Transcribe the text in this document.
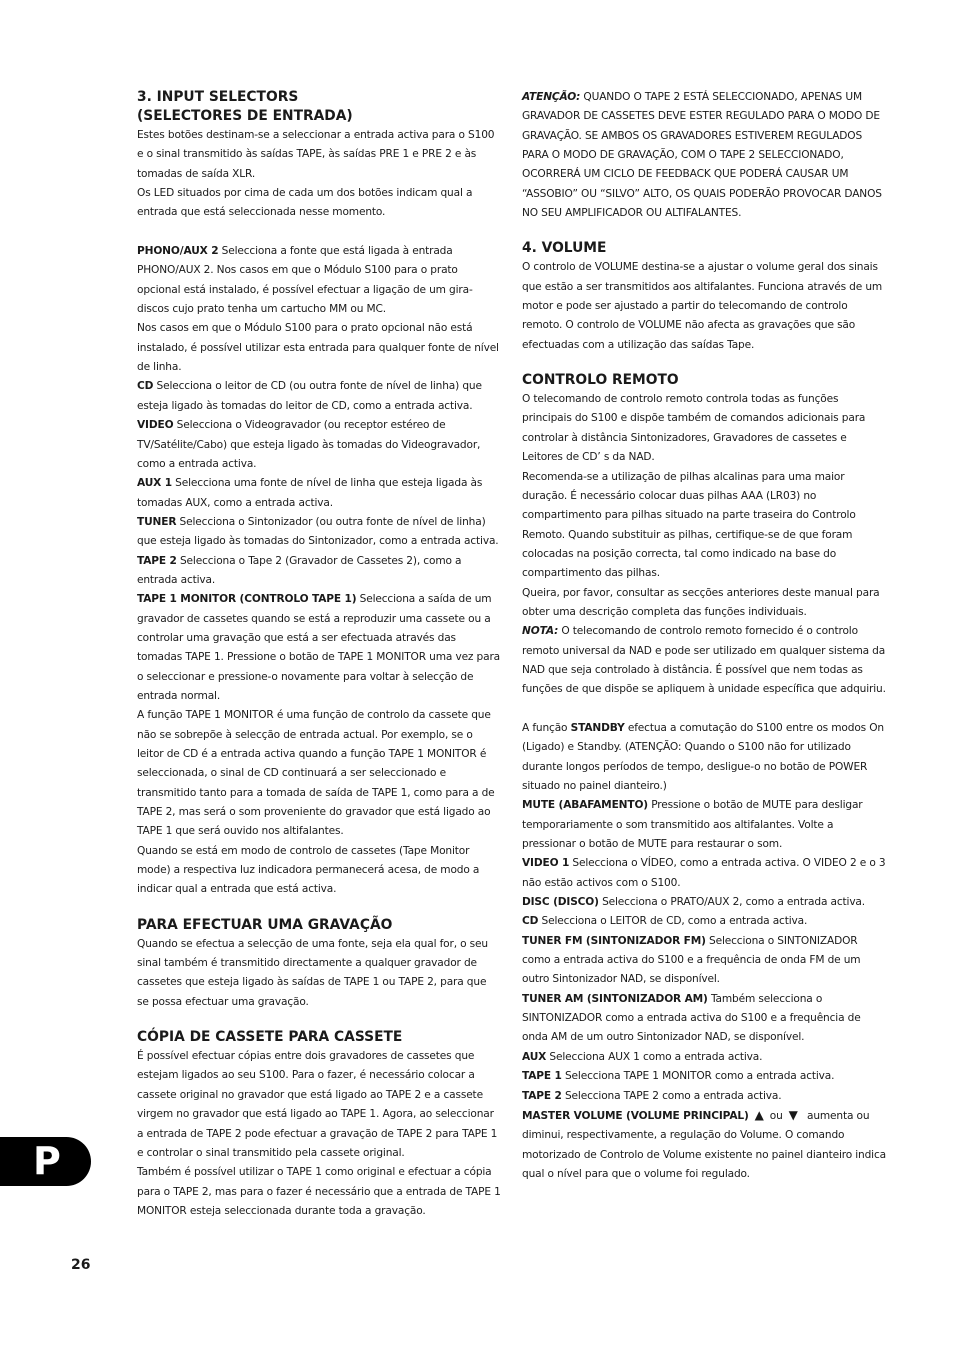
3. INPUT SELECTORS
(SELECTORES DE ENTRADA)

Estes botões destinam-se a seleccionar a entrada activa para o S100 e o sinal transmitido às saídas TAPE, às saídas PRE 1 e PRE 2 e às tomadas de saída XLR.

Os LED situados por cima de cada um dos botões indicam qual a entrada que está seleccionada nesse momento.

PHONO/AUX 2 Selecciona a fonte que está ligada à entrada PHONO/AUX 2. Nos casos em que o Módulo S100 para o prato opcional está instalado, é possível efectuar a ligação de um gira-discos cujo prato tenha um cartucho MM ou MC.

Nos casos em que o Módulo S100 para o prato opcional não está instalado, é possível utilizar esta entrada para qualquer fonte de nível de linha.

CD Selecciona o leitor de CD (ou outra fonte de nível de linha) que esteja ligado às tomadas do leitor de CD, como a entrada activa.

VIDEO Selecciona o Videogravador (ou receptor estéreo de TV/Satélite/Cabo) que esteja ligado às tomadas do Videogravador, como a entrada activa.

AUX 1 Selecciona uma fonte de nível de linha que esteja ligada às tomadas AUX, como a entrada activa.

TUNER Selecciona o Sintonizador (ou outra fonte de nível de linha) que esteja ligado às tomadas do Sintonizador, como a entrada activa.

TAPE 2 Selecciona o Tape 2 (Gravador de Cassetes 2), como a entrada activa.

TAPE 1 MONITOR (CONTROLO TAPE 1) Selecciona a saída de um gravador de cassetes quando se está a reproduzir uma cassete ou a controlar uma gravação que está a ser efectuada através das tomadas TAPE 1. Pressione o botão de TAPE 1 MONITOR uma vez para o seleccionar e pressione-o novamente para voltar à selecção de entrada normal.

A função TAPE 1 MONITOR é uma função de controlo da cassete que não se sobrepõe à selecção de entrada actual. Por exemplo, se o leitor de CD é a entrada activa quando a função TAPE 1 MONITOR é seleccionada, o sinal de CD continuará a ser seleccionado e transmitido tanto para a tomada de saída de TAPE 1, como para a de TAPE 2, mas será o som proveniente do gravador que está ligado ao TAPE 1 que será ouvido nos altifalantes.

Quando se está em modo de controlo de cassetes (Tape Monitor mode) a respectiva luz indicadora permanecerá acesa, de modo a indicar qual a entrada que está activa.

PARA EFECTUAR UMA GRAVAÇÃO

Quando se efectua a selecção de uma fonte, seja ela qual for, o seu sinal também é transmitido directamente a qualquer gravador de cassetes que esteja ligado às saídas de TAPE 1 ou TAPE 2, para que se possa efectuar uma gravação.

CÓPIA DE CASSETE PARA CASSETE

É possível efectuar cópias entre dois gravadores de cassetes que estejam ligados ao seu S100. Para o fazer, é necessário colocar a cassete original no gravador que está ligado ao TAPE 2 e a cassete virgem no gravador que está ligado ao TAPE 1. Agora, ao seleccionar a entrada de TAPE 2 pode efectuar a gravação de TAPE 2 para TAPE 1 e controlar o sinal transmitido pela cassete original.

Também é possível utilizar o TAPE 1 como original e efectuar a cópia para o TAPE 2, mas para o fazer é necessário que a entrada de TAPE 1 MONITOR esteja seleccionada durante toda a gravação.

ATENÇÃO: QUANDO O TAPE 2 ESTÁ SELECCIONADO, APENAS UM GRAVADOR DE CASSETES DEVE ESTER REGULADO PARA O MODO DE GRAVAÇÃO. SE AMBOS OS GRAVADORES ESTIVEREM REGULADOS PARA O MODO DE GRAVAÇÃO, COM O TAPE 2 SELECCIONADO, OCORRERÁ UM CICLO DE FEEDBACK QUE PODERÁ CAUSAR UM “ASSOBIO” OU “SILVO” ALTO, OS QUAIS PODERÃO PROVOCAR DANOS NO SEU AMPLIFICADOR OU ALTIFALANTES.

4. VOLUME

O controlo de VOLUME destina-se a ajustar o volume geral dos sinais que estão a ser transmitidos aos altifalantes. Funciona através de um motor e pode ser ajustado a partir do telecomando de controlo remoto. O controlo de VOLUME não afecta as gravações que são efectuadas com a utilização das saídas Tape.

CONTROLO REMOTO

O telecomando de controlo remoto controla todas as funções principais do S100 e dispõe também de comandos adicionais para controlar à distância Sintonizadores, Gravadores de cassetes e Leitores de CD’ s da NAD.

Recomenda-se a utilização de pilhas alcalinas para uma maior duração. É necessário colocar duas pilhas AAA (LR03) no compartimento para pilhas situado na parte traseira do Controlo Remoto. Quando substituir as pilhas, certifique-se de que foram colocadas na posição correcta, tal como indicado na base do compartimento das pilhas.

Queira, por favor, consultar as secções anteriores deste manual para obter uma descrição completa das funções individuais.

NOTA: O telecomando de controlo remoto fornecido é o controlo remoto universal da NAD e pode ser utilizado em qualquer sistema da NAD que seja controlado à distância. É possível que nem todas as funções de que dispõe se apliquem à unidade específica que adquiriu.

A função STANDBY efectua a comutação do S100 entre os modos On (Ligado) e Standby. (ATENÇÃO: Quando o S100 não for utilizado durante longos períodos de tempo, desligue-o no botão de POWER situado no painel dianteiro.)

MUTE (ABAFAMENTO) Pressione o botão de MUTE para desligar temporariamente o som transmitido aos altifalantes. Volte a pressionar o botão de MUTE para restaurar o som.

VIDEO 1 Selecciona o VÍDEO, como a entrada activa. O VIDEO 2 e o 3 não estão activos com o S100.

DISC (DISCO) Selecciona o PRATO/AUX 2, como a entrada activa.

CD Selecciona o LEITOR de CD, como a entrada activa.

TUNER FM (SINTONIZADOR FM) Selecciona o SINTONIZADOR como a entrada activa do S100 e a frequência de onda FM de um outro Sintonizador NAD, se disponível.

TUNER AM (SINTONIZADOR AM) Também selecciona o SINTONIZADOR como a entrada activa do S100 e a frequência de onda AM de um outro Sintonizador NAD, se disponível.

AUX Selecciona AUX 1 como a entrada activa.

TAPE 1 Selecciona TAPE 1 MONITOR como a entrada activa.

TAPE 2 Selecciona TAPE 2 como a entrada activa.

MASTER VOLUME (VOLUME PRINCIPAL) ▲ ou ▼ aumenta ou diminui, respectivamente, a regulação do Volume. O comando motorizado de Controlo de Volume existente no painel dianteiro indica qual o nível para que o volume foi regulado.

P
26
